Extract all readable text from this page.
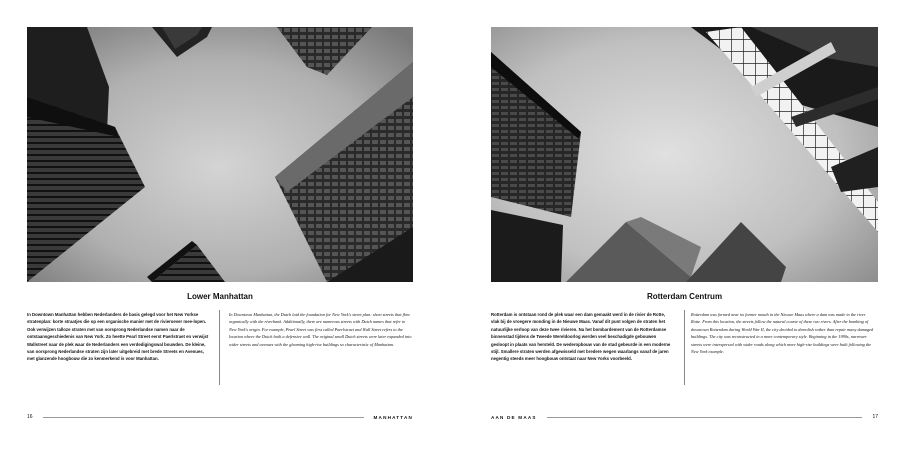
Lower Manhattan
In Downtown Manhattan hebben Nederlanders de basis gelegd voor het New Yorkse stratenplan: korte straatjes die op een organische manier met de rivieroever mee-lopen. Ook verwijzen talloze straten met van oorsprong Nederlandse namen naar de ontstaansgeschiedenis van New York. Zo heette Pearl Street eerst Paerlstraet en verwijst Wallstreet naar de plek waar de Nederlanders een verdedigingswal bouwden. De kleine, van oorsprong Nederlandse straten zijn later uitgebreid met brede Streets en Avenues, met glanzende hoogbouw die zo kenmerkend is voor Manhattan.
In Downtown Manhattan, the Dutch laid the foundation for New York's street plan: short streets that flow organically with the riverbank. Additionally, there are numerous streets with Dutch names that refer to New York's origin. For example, Pearl Street was first called Paerlstraet and Wall Street refers to the location where the Dutch built a defensive wall. The original small Dutch streets were later expanded into wider streets and avenues with the gleaming high-rise buildings so characteristic of Manhattan.
16	MANHATTAN
Rotterdam Centrum
Rotterdam is ontstaan rond de plek waar een dam gemaakt werd in de rivier de Rotte, vlak bij de vroegere monding in de Nieuwe Maas. Vanaf dit punt volgen de straten het natuurlijke verloop van deze twee rivieren. Na het bombardement van de Rotterdamse binnenstad tijdens de Tweede Wereldoorlog werden veel beschadigde gebouwen gesloopt in plaats van hersteld. De wederopbouw van de stad gebeurde in een moderne stijl. Smallere straten werden afgewisseld met bredere wegen waarlangs vanaf de jaren negentig steeds meer hoogbouw ontstaat naar New Yorks voorbeeld.
Rotterdam was formed near its former mouth in the Nieuwe Maas where a dam was made in the river Rotte. From this location, the streets follow the natural course of these two rivers. After the bombing of downtown Rotterdam during World War II, the city decided to demolish rather than repair many damaged buildings. The city was reconstructed in a more contemporary style. Beginning in the 1990s, narrower streets were interspersed with wider roads along which more high-rise buildings were built following the New York example.
AAN DE MAAS	17
